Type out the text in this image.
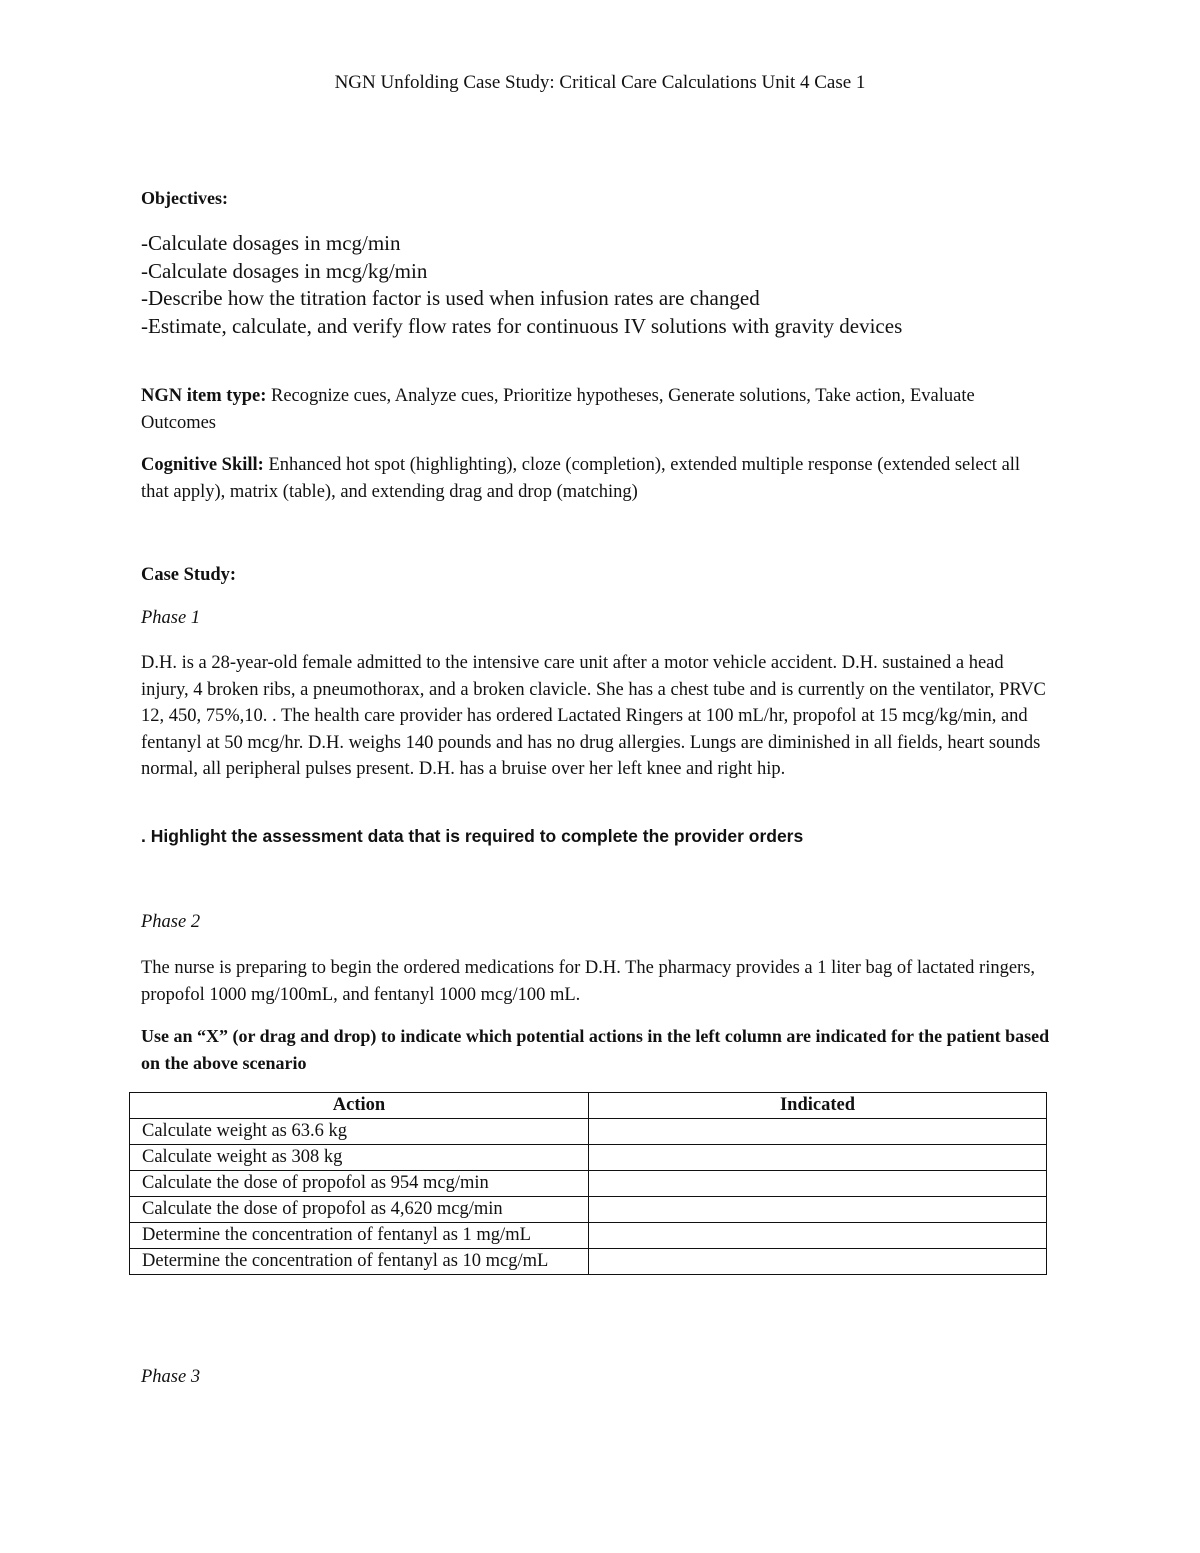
NGN Unfolding Case Study: Critical Care Calculations Unit 4 Case 1
Objectives:
-Calculate dosages in mcg/min
-Calculate dosages in mcg/kg/min
-Describe how the titration factor is used when infusion rates are changed
-Estimate, calculate, and verify flow rates for continuous IV solutions with gravity devices
NGN item type: Recognize cues, Analyze cues, Prioritize hypotheses, Generate solutions, Take action, Evaluate Outcomes
Cognitive Skill: Enhanced hot spot (highlighting), cloze (completion), extended multiple response (extended select all that apply), matrix (table), and extending drag and drop (matching)
Case Study:
Phase 1
D.H. is a 28-year-old female admitted to the intensive care unit after a motor vehicle accident. D.H. sustained a head injury, 4 broken ribs, a pneumothorax, and a broken clavicle. She has a chest tube and is currently on the ventilator, PRVC 12, 450, 75%,10. . The health care provider has ordered Lactated Ringers at 100 mL/hr, propofol at 15 mcg/kg/min, and fentanyl at 50 mcg/hr. D.H. weighs 140 pounds and has no drug allergies. Lungs are diminished in all fields, heart sounds normal, all peripheral pulses present. D.H. has a bruise over her left knee and right hip.
. Highlight the assessment data that is required to complete the provider orders
Phase 2
The nurse is preparing to begin the ordered medications for D.H. The pharmacy provides a 1 liter bag of lactated ringers, propofol 1000 mg/100mL, and fentanyl 1000 mcg/100 mL.
Use an “X” (or drag and drop) to indicate which potential actions in the left column are indicated for the patient based on the above scenario
Action	Indicated
Calculate weight as 63.6 kg	
Calculate weight as 308 kg	
Calculate the dose of propofol as 954 mcg/min	
Calculate the dose of propofol as 4,620 mcg/min	
Determine the concentration of fentanyl as 1 mg/mL	
Determine the concentration of fentanyl as 10 mcg/mL	
Phase 3
